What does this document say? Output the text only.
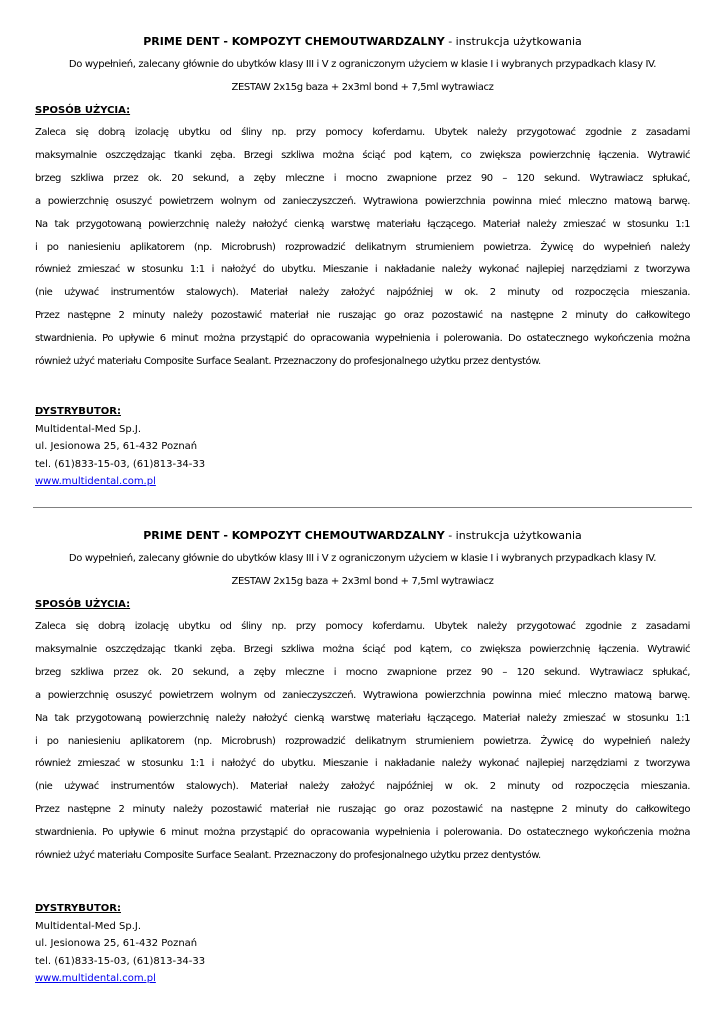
PRIME DENT - KOMPOZYT CHEMOUTWARDZALNY - instrukcja użytkowania

Do wypełnień, zalecany głównie do ubytków klasy III i V z ograniczonym użyciem w klasie I i wybranych przypadkach klasy IV.

ZESTAW 2x15g baza + 2x3ml bond + 7,5ml wytrawiacz

SPOSÓB UŻYCIA:

Zaleca się dobrą izolację ubytku od śliny np. przy pomocy koferdamu. Ubytek należy przygotować zgodnie z zasadami
maksymalnie oszczędzając tkanki zęba. Brzegi szkliwa można ściąć pod kątem, co zwiększa powierzchnię łączenia. Wytrawić
brzeg szkliwa przez ok. 20 sekund, a zęby mleczne i mocno zwapnione przez 90 – 120 sekund. Wytrawiacz spłukać,
a powierzchnię osuszyć powietrzem wolnym od zanieczyszczeń. Wytrawiona powierzchnia powinna mieć mleczno matową barwę.
Na tak przygotowaną powierzchnię należy nałożyć cienką warstwę materiału łączącego. Materiał należy zmieszać w stosunku 1:1
i po naniesieniu aplikatorem (np. Microbrush) rozprowadzić delikatnym strumieniem powietrza. Żywicę do wypełnień należy
również zmieszać w stosunku 1:1 i nałożyć do ubytku. Mieszanie i nakładanie należy wykonać najlepiej narzędziami z tworzywa
(nie używać instrumentów stalowych). Materiał należy założyć najpóźniej w ok. 2 minuty od rozpoczęcia mieszania.
Przez następne 2 minuty należy pozostawić materiał nie ruszając go oraz pozostawić na następne 2 minuty do całkowitego
stwardnienia. Po upływie 6 minut można przystąpić do opracowania wypełnienia i polerowania. Do ostatecznego wykończenia można
również użyć materiału Composite Surface Sealant. Przeznaczony do profesjonalnego użytku przez dentystów.
DYSTRYBUTOR:
Multidental-Med Sp.J.
ul. Jesionowa 25, 61-432 Poznań
tel. (61)833-15-03, (61)813-34-33
www.multidental.com.pl

PRIME DENT - KOMPOZYT CHEMOUTWARDZALNY - instrukcja użytkowania

Do wypełnień, zalecany głównie do ubytków klasy III i V z ograniczonym użyciem w klasie I i wybranych przypadkach klasy IV.

ZESTAW 2x15g baza + 2x3ml bond + 7,5ml wytrawiacz

SPOSÓB UŻYCIA:

Zaleca się dobrą izolację ubytku od śliny np. przy pomocy koferdamu. Ubytek należy przygotować zgodnie z zasadami
maksymalnie oszczędzając tkanki zęba. Brzegi szkliwa można ściąć pod kątem, co zwiększa powierzchnię łączenia. Wytrawić
brzeg szkliwa przez ok. 20 sekund, a zęby mleczne i mocno zwapnione przez 90 – 120 sekund. Wytrawiacz spłukać,
a powierzchnię osuszyć powietrzem wolnym od zanieczyszczeń. Wytrawiona powierzchnia powinna mieć mleczno matową barwę.
Na tak przygotowaną powierzchnię należy nałożyć cienką warstwę materiału łączącego. Materiał należy zmieszać w stosunku 1:1
i po naniesieniu aplikatorem (np. Microbrush) rozprowadzić delikatnym strumieniem powietrza. Żywicę do wypełnień należy
również zmieszać w stosunku 1:1 i nałożyć do ubytku. Mieszanie i nakładanie należy wykonać najlepiej narzędziami z tworzywa
(nie używać instrumentów stalowych). Materiał należy założyć najpóźniej w ok. 2 minuty od rozpoczęcia mieszania.
Przez następne 2 minuty należy pozostawić materiał nie ruszając go oraz pozostawić na następne 2 minuty do całkowitego
stwardnienia. Po upływie 6 minut można przystąpić do opracowania wypełnienia i polerowania. Do ostatecznego wykończenia można
również użyć materiału Composite Surface Sealant. Przeznaczony do profesjonalnego użytku przez dentystów.
DYSTRYBUTOR:
Multidental-Med Sp.J.
ul. Jesionowa 25, 61-432 Poznań
tel. (61)833-15-03, (61)813-34-33
www.multidental.com.pl
